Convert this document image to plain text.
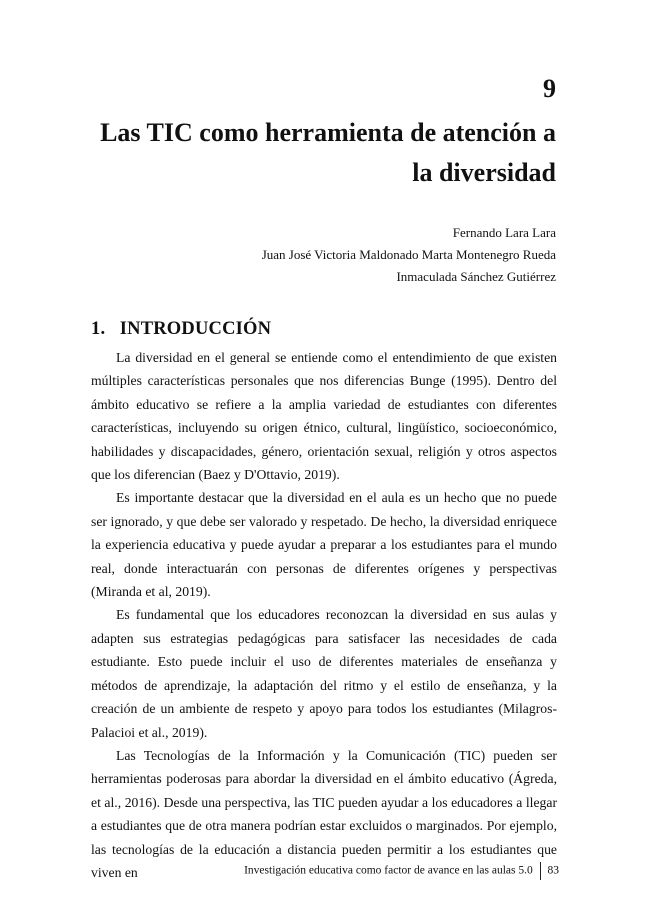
9
Las TIC como herramienta de atención a la diversidad
Fernando Lara Lara
Juan José Victoria Maldonado Marta Montenegro Rueda
Inmaculada Sánchez Gutiérrez
1.   INTRODUCCIÓN

La diversidad en el general se entiende como el entendimiento de que existen múltiples características personales que nos diferencias Bunge (1995). Dentro del ámbito educativo se refiere a la amplia variedad de estudiantes con diferentes características, incluyendo su origen étnico, cultural, lingüístico, socioeconómico, habilidades y discapacidades, género, orientación sexual, religión y otros aspectos que los diferencian (Baez y D'Ottavio, 2019).

Es importante destacar que la diversidad en el aula es un hecho que no puede ser ignorado, y que debe ser valorado y respetado. De hecho, la diversidad enriquece la experiencia educativa y puede ayudar a preparar a los estudiantes para el mundo real, donde interactuarán con personas de diferentes orígenes y perspectivas (Miranda et al, 2019).

Es fundamental que los educadores reconozcan la diversidad en sus aulas y adapten sus estrategias pedagógicas para satisfacer las necesidades de cada estudiante. Esto puede incluir el uso de diferentes materiales de enseñanza y métodos de aprendizaje, la adaptación del ritmo y el estilo de enseñanza, y la creación de un ambiente de respeto y apoyo para todos los estudiantes (Milagros-Palacioi et al., 2019).

Las Tecnologías de la Información y la Comunicación (TIC) pueden ser herramientas poderosas para abordar la diversidad en el ámbito educativo (Ágreda, et al., 2016). Desde una perspectiva, las TIC pueden ayudar a los educadores a llegar a estudiantes que de otra manera podrían estar excluidos o marginados. Por ejemplo, las tecnologías de la educación a distancia pueden permitir a los estudiantes que viven en	Investigación educativa como factor de avance en las aulas 5.0 83
